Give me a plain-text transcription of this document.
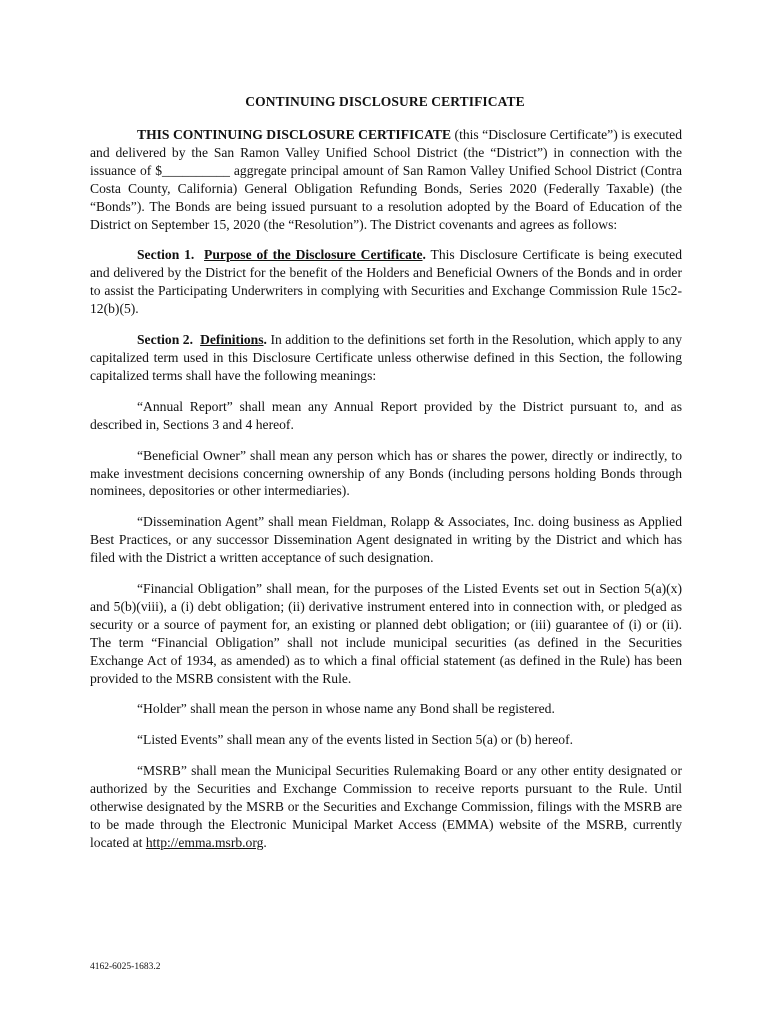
CONTINUING DISCLOSURE CERTIFICATE

THIS CONTINUING DISCLOSURE CERTIFICATE (this “Disclosure Certificate”) is executed and delivered by the San Ramon Valley Unified School District (the “District”) in connection with the issuance of $__________ aggregate principal amount of San Ramon Valley Unified School District (Contra Costa County, California) General Obligation Refunding Bonds, Series 2020 (Federally Taxable) (the “Bonds”). The Bonds are being issued pursuant to a resolution adopted by the Board of Education of the District on September 15, 2020 (the “Resolution”). The District covenants and agrees as follows:

Section 1. Purpose of the Disclosure Certificate. This Disclosure Certificate is being executed and delivered by the District for the benefit of the Holders and Beneficial Owners of the Bonds and in order to assist the Participating Underwriters in complying with Securities and Exchange Commission Rule 15c2-12(b)(5).

Section 2. Definitions. In addition to the definitions set forth in the Resolution, which apply to any capitalized term used in this Disclosure Certificate unless otherwise defined in this Section, the following capitalized terms shall have the following meanings:

“Annual Report” shall mean any Annual Report provided by the District pursuant to, and as described in, Sections 3 and 4 hereof.

“Beneficial Owner” shall mean any person which has or shares the power, directly or indirectly, to make investment decisions concerning ownership of any Bonds (including persons holding Bonds through nominees, depositories or other intermediaries).

“Dissemination Agent” shall mean Fieldman, Rolapp & Associates, Inc. doing business as Applied Best Practices, or any successor Dissemination Agent designated in writing by the District and which has filed with the District a written acceptance of such designation.

“Financial Obligation” shall mean, for the purposes of the Listed Events set out in Section 5(a)(x) and 5(b)(viii), a (i) debt obligation; (ii) derivative instrument entered into in connection with, or pledged as security or a source of payment for, an existing or planned debt obligation; or (iii) guarantee of (i) or (ii). The term “Financial Obligation” shall not include municipal securities (as defined in the Securities Exchange Act of 1934, as amended) as to which a final official statement (as defined in the Rule) has been provided to the MSRB consistent with the Rule.

“Holder” shall mean the person in whose name any Bond shall be registered.

“Listed Events” shall mean any of the events listed in Section 5(a) or (b) hereof.

“MSRB” shall mean the Municipal Securities Rulemaking Board or any other entity designated or authorized by the Securities and Exchange Commission to receive reports pursuant to the Rule. Until otherwise designated by the MSRB or the Securities and Exchange Commission, filings with the MSRB are to be made through the Electronic Municipal Market Access (EMMA) website of the MSRB, currently located at http://emma.msrb.org.

4162-6025-1683.2
